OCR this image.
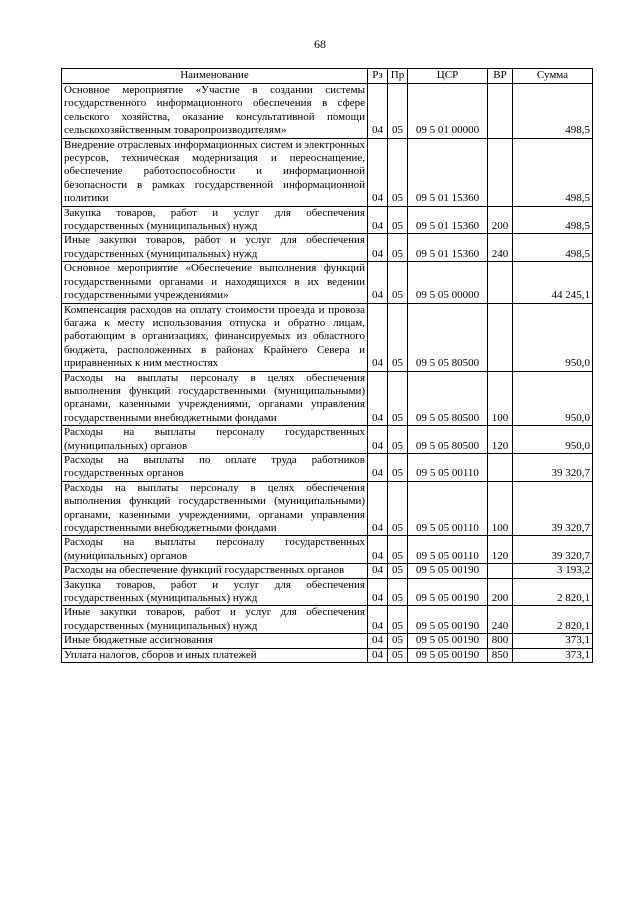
68
Наименование	Рз	Пр	ЦСР	ВР	Сумма
Основное мероприятие «Участие в создании системы государственного информационного обеспечения в сфере сельского хозяйства, оказание консультативной помощи сельскохозяйственным товаропроизводителям»	04	05	09 5 01 00000		498,5
Внедрение отраслевых информационных систем и электронных ресурсов, техническая модернизация и переоснащение, обеспечение работоспособности и информационной безопасности в рамках государственной информационной политики	04	05	09 5 01 15360		498,5
Закупка товаров, работ и услуг для обеспечения государственных (муниципальных) нужд	04	05	09 5 01 15360	200	498,5
Иные закупки товаров, работ и услуг для обеспечения государственных (муниципальных) нужд	04	05	09 5 01 15360	240	498,5
Основное мероприятие «Обеспечение выполнения функций государственными органами и находящихся в их ведении государственными учреждениями»	04	05	09 5 05 00000		44 245,1
Компенсация расходов на оплату стоимости проезда и провоза багажа к месту использования отпуска и обратно лицам, работающим в организациях, финансируемых из областного бюджета, расположенных в районах Крайнего Севера и приравненных к ним местностях	04	05	09 5 05 80500		950,0
Расходы на выплаты персоналу в целях обеспечения выполнения функций государственными (муниципальными) органами, казенными учреждениями, органами управления государственными внебюджетными фондами	04	05	09 5 05 80500	100	950,0
Расходы на выплаты персоналу государственных (муниципальных) органов	04	05	09 5 05 80500	120	950,0
Расходы на выплаты по оплате труда работников государственных органов	04	05	09 5 05 00110		39 320,7
Расходы на выплаты персоналу в целях обеспечения выполнения функций государственными (муниципальными) органами, казенными учреждениями, органами управления государственными внебюджетными фондами	04	05	09 5 05 00110	100	39 320,7
Расходы на выплаты персоналу государственных (муниципальных) органов	04	05	09 5 05 00110	120	39 320,7
Расходы на обеспечение функций государственных органов	04	05	09 5 05 00190		3 193,2
Закупка товаров, работ и услуг для обеспечения государственных (муниципальных) нужд	04	05	09 5 05 00190	200	2 820,1
Иные закупки товаров, работ и услуг для обеспечения государственных (муниципальных) нужд	04	05	09 5 05 00190	240	2 820,1
Иные бюджетные ассигнования	04	05	09 5 05 00190	800	373,1
Уплата налогов, сборов и иных платежей	04	05	09 5 05 00190	850	373,1
